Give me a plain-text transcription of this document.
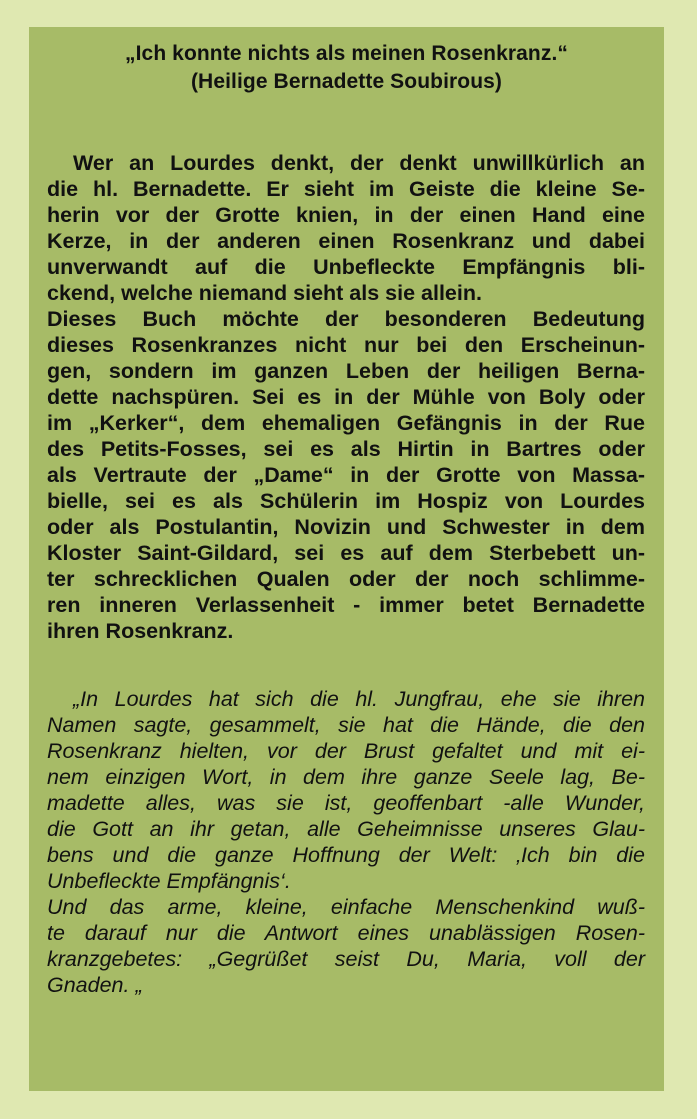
„Ich konnte nichts als meinen Rosenkranz.“
(Heilige Bernadette Soubirous)
Wer an Lourdes denkt, der denkt unwillkürlich an
die hl. Bernadette. Er sieht im Geiste die kleine Se-
herin vor der Grotte knien, in der einen Hand eine
Kerze, in der anderen einen Rosenkranz und dabei
unverwandt auf die Unbefleckte Empfängnis bli-
ckend, welche niemand sieht als sie allein.
Dieses Buch möchte der besonderen Bedeutung
dieses Rosenkranzes nicht nur bei den Erscheinun-
gen, sondern im ganzen Leben der heiligen Berna-
dette nachspüren. Sei es in der Mühle von Boly oder
im „Kerker“, dem ehemaligen Gefängnis in der Rue
des Petits-Fosses, sei es als Hirtin in Bartres oder
als Vertraute der „Dame“ in der Grotte von Massa-
bielle, sei es als Schülerin im Hospiz von Lourdes
oder als Postulantin, Novizin und Schwester in dem
Kloster Saint-Gildard, sei es auf dem Sterbebett un-
ter schrecklichen Qualen oder der noch schlimme-
ren inneren Verlassenheit - immer betet Bernadette
ihren Rosenkranz.
„In Lourdes hat sich die hl. Jungfrau, ehe sie ihren
Namen sagte, gesammelt, sie hat die Hände, die den
Rosenkranz hielten, vor der Brust gefaltet und mit ei-
nem einzigen Wort, in dem ihre ganze Seele lag, Be-
madette alles, was sie ist, geoffenbart -alle Wunder,
die Gott an ihr getan, alle Geheimnisse unseres Glau-
bens und die ganze Hoffnung der Welt: ‚Ich bin die
Unbefleckte Empfängnis‘.
Und das arme, kleine, einfache Menschenkind wuß-
te darauf nur die Antwort eines unablässigen Rosen-
kranzgebetes: „Gegrüßet seist Du, Maria, voll der
Gnaden. „
